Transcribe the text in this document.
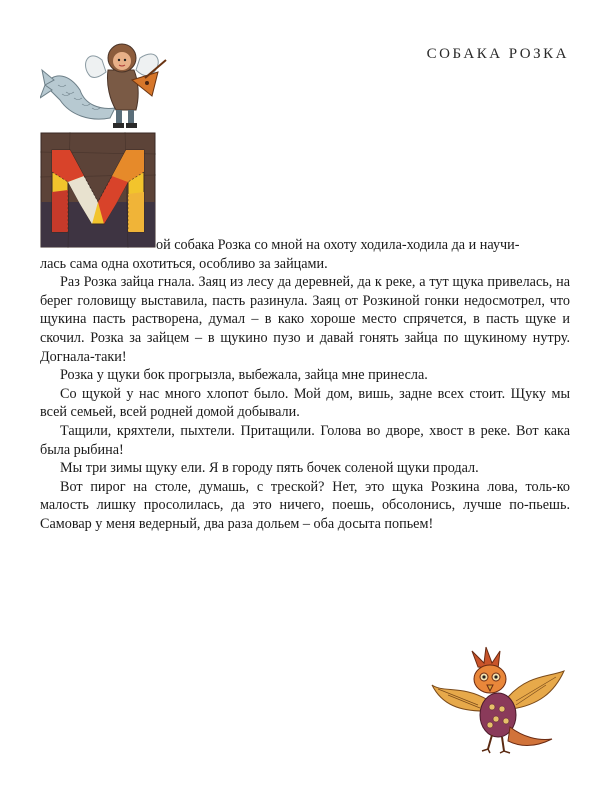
СОБАКА РОЗКА

ой собака Розка со мной на охоту ходила-ходила да и научи-

лась сама одна охотиться, особливо за зайцами.

Раз Розка зайца гнала. Заяц из лесу да деревней, да к реке, а тут щука привелась, на берег головищу выставила, пасть разинула. Заяц от Розкиной гонки недосмотрел, что щукина пасть растворена, думал – в како хороше место спрячется, в пасть щуке и скочил. Розка за зайцем – в щукино пузо и давай гонять зайца по щукиному нутру. Догнала-таки!

Розка у щуки бок прогрызла, выбежала, зайца мне принесла.

Со щукой у нас много хлопот было. Мой дом, вишь, задне всех стоит. Щуку мы всей семьей, всей родней домой добывали.

Тащили, кряхтели, пыхтели. Притащили. Голова во дворе, хвост в реке. Вот кака была рыбина!

Мы три зимы щуку ели. Я в городу пять бочек соленой щуки продал.

Вот пирог на столе, думашь, с треской? Нет, это щука Розкина лова, толь-ко малость лишку просолилась, да это ничего, поешь, обсолонись, лучше по-пьешь. Самовар у меня ведерный, два раза дольем – оба досыта попьем!
